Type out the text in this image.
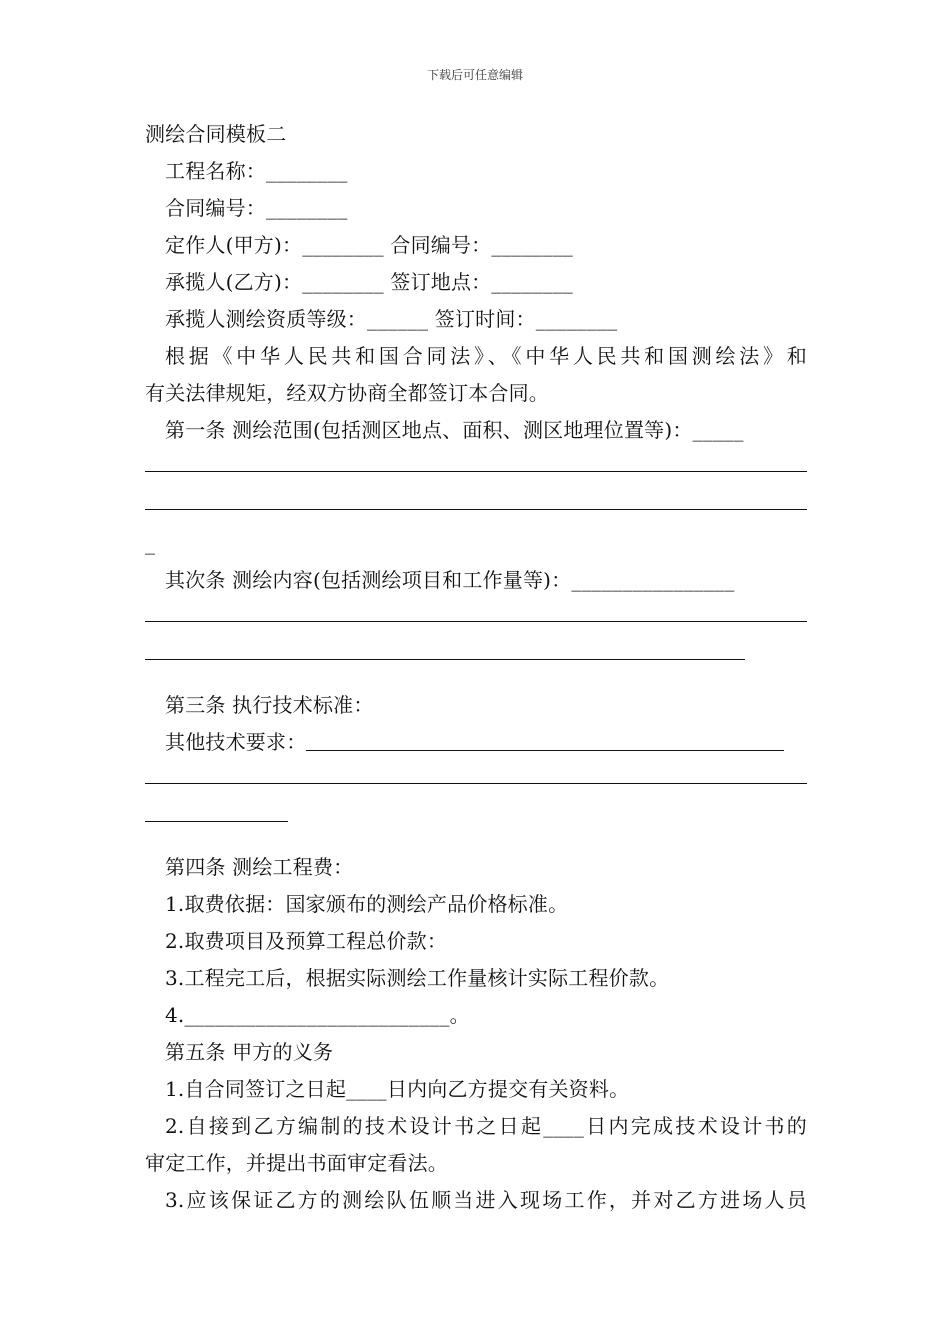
下载后可任意编辑
测绘合同模板二
工程名称：________
合同编号：________
定作人(甲方)：________ 合同编号：________
承揽人(乙方)：________ 签订地点：________
承揽人测绘资质等级：______ 签订时间：________
根据《中华人民共和国合同法》、《中华人民共和国测绘法》和
有关法律规矩，经双方协商全都签订本合同。
第一条 测绘范围(包括测区地点、面积、测区地理位置等)：_____
_
其次条 测绘内容(包括测绘项目和工作量等)：________________
第三条 执行技术标准：
其他技术要求：
第四条 测绘工程费：
1.取费依据：国家颁布的测绘产品价格标准。
2.取费项目及预算工程总价款：
3.工程完工后，根据实际测绘工作量核计实际工程价款。
4.__________________________。
第五条 甲方的义务
1.自合同签订之日起____日内向乙方提交有关资料。
2.自接到乙方编制的技术设计书之日起____日内完成技术设计书的
审定工作，并提出书面审定看法。
3.应该保证乙方的测绘队伍顺当进入现场工作，并对乙方进场人员
